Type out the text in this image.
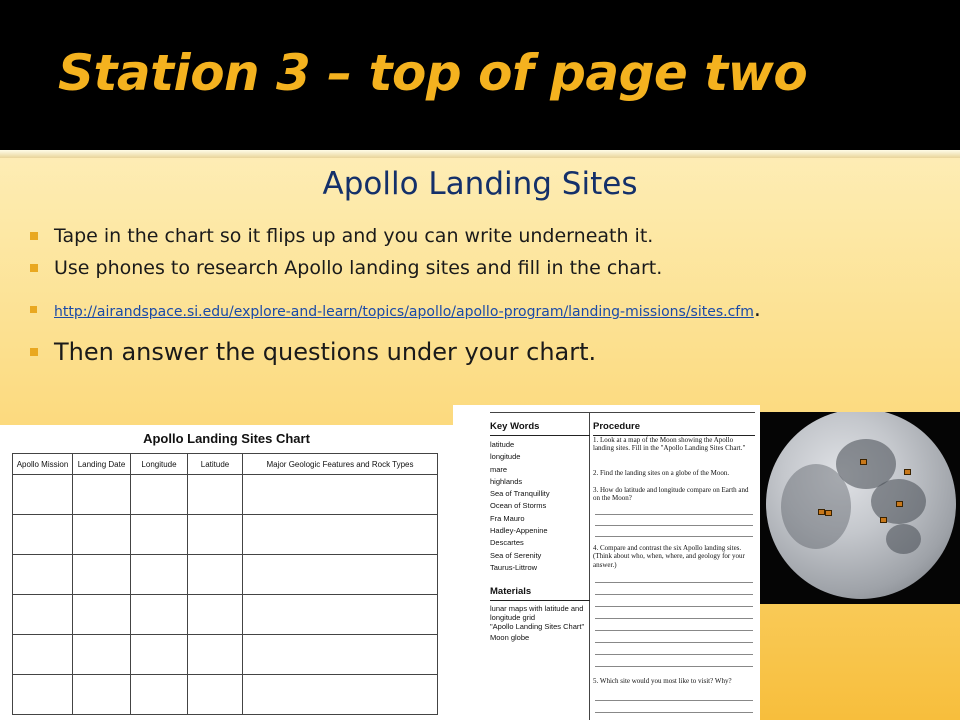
Station 3 – top of page two
Apollo Landing Sites
Tape in the chart so it flips up and you can write underneath it.
Use phones to research Apollo landing sites and fill in the chart.
http://airandspace.si.edu/explore-and-learn/topics/apollo/apollo-program/landing-missions/sites.cfm.
Then answer the questions under your chart.
Apollo Landing Sites Chart
Apollo Mission	Landing Date	Longitude	Latitude	Major Geologic Features and Rock Types

Key Words
latitude
longitude
mare
highlands
Sea of Tranquillity
Ocean of Storms
Fra Mauro
Hadley-Appenine
Descartes
Sea of Serenity
Taurus-Littrow
Materials
lunar maps with latitude and longitude grid
"Apollo Landing Sites Chart"
Moon globe
Procedure
1. Look at a map of the Moon showing the Apollo landing sites. Fill in the "Apollo Landing Sites Chart."
2. Find the landing sites on a globe of the Moon.
3. How do latitude and longitude compare on Earth and on the Moon?
4. Compare and contrast the six Apollo landing sites. (Think about who, when, where, and geology for your answer.)
5. Which site would you most like to visit? Why?
